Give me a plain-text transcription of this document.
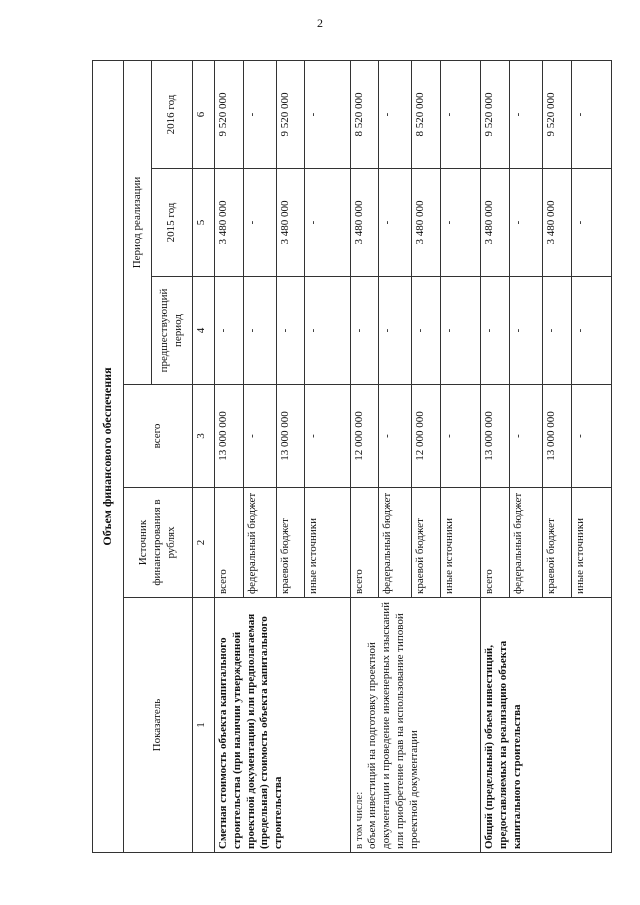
2
Объем финансового обеспечения					
Показатель	Источник финансирования в рублях	всего	Период реализации		
			предшествующий период	2015 год	2016 год
1	2	3	4	5	6
Сметная стоимость объекта капитального строительства (при наличии утвержденной проектной документации) или предполагаемая (предельная) стоимость объекта капитального строительства	всего	13 000 000	-	3 480 000	9 520 000
	федеральный бюджет	-	-	-	-
	краевой бюджет	13 000 000	-	3 480 000	9 520 000
	иные источники	-	-	-	-

в том числе: объем инвестиций на подготовку проектной документации и проведение инженерных изысканий или приобретение прав на использование типовой проектной документации	всего	12 000 000	-	3 480 000	8 520 000
	федеральный бюджет	-	-	-	-
	краевой бюджет	12 000 000	-	3 480 000	8 520 000
	иные источники	-	-	-	-
Общий (предельный) объем инвестиций, предоставляемых на реализацию объекта капитального строительства	всего	13 000 000	-	3 480 000	9 520 000
	федеральный бюджет	-	-	-	-
	краевой бюджет	13 000 000	-	3 480 000	9 520 000
	иные источники	-	-	-	-
